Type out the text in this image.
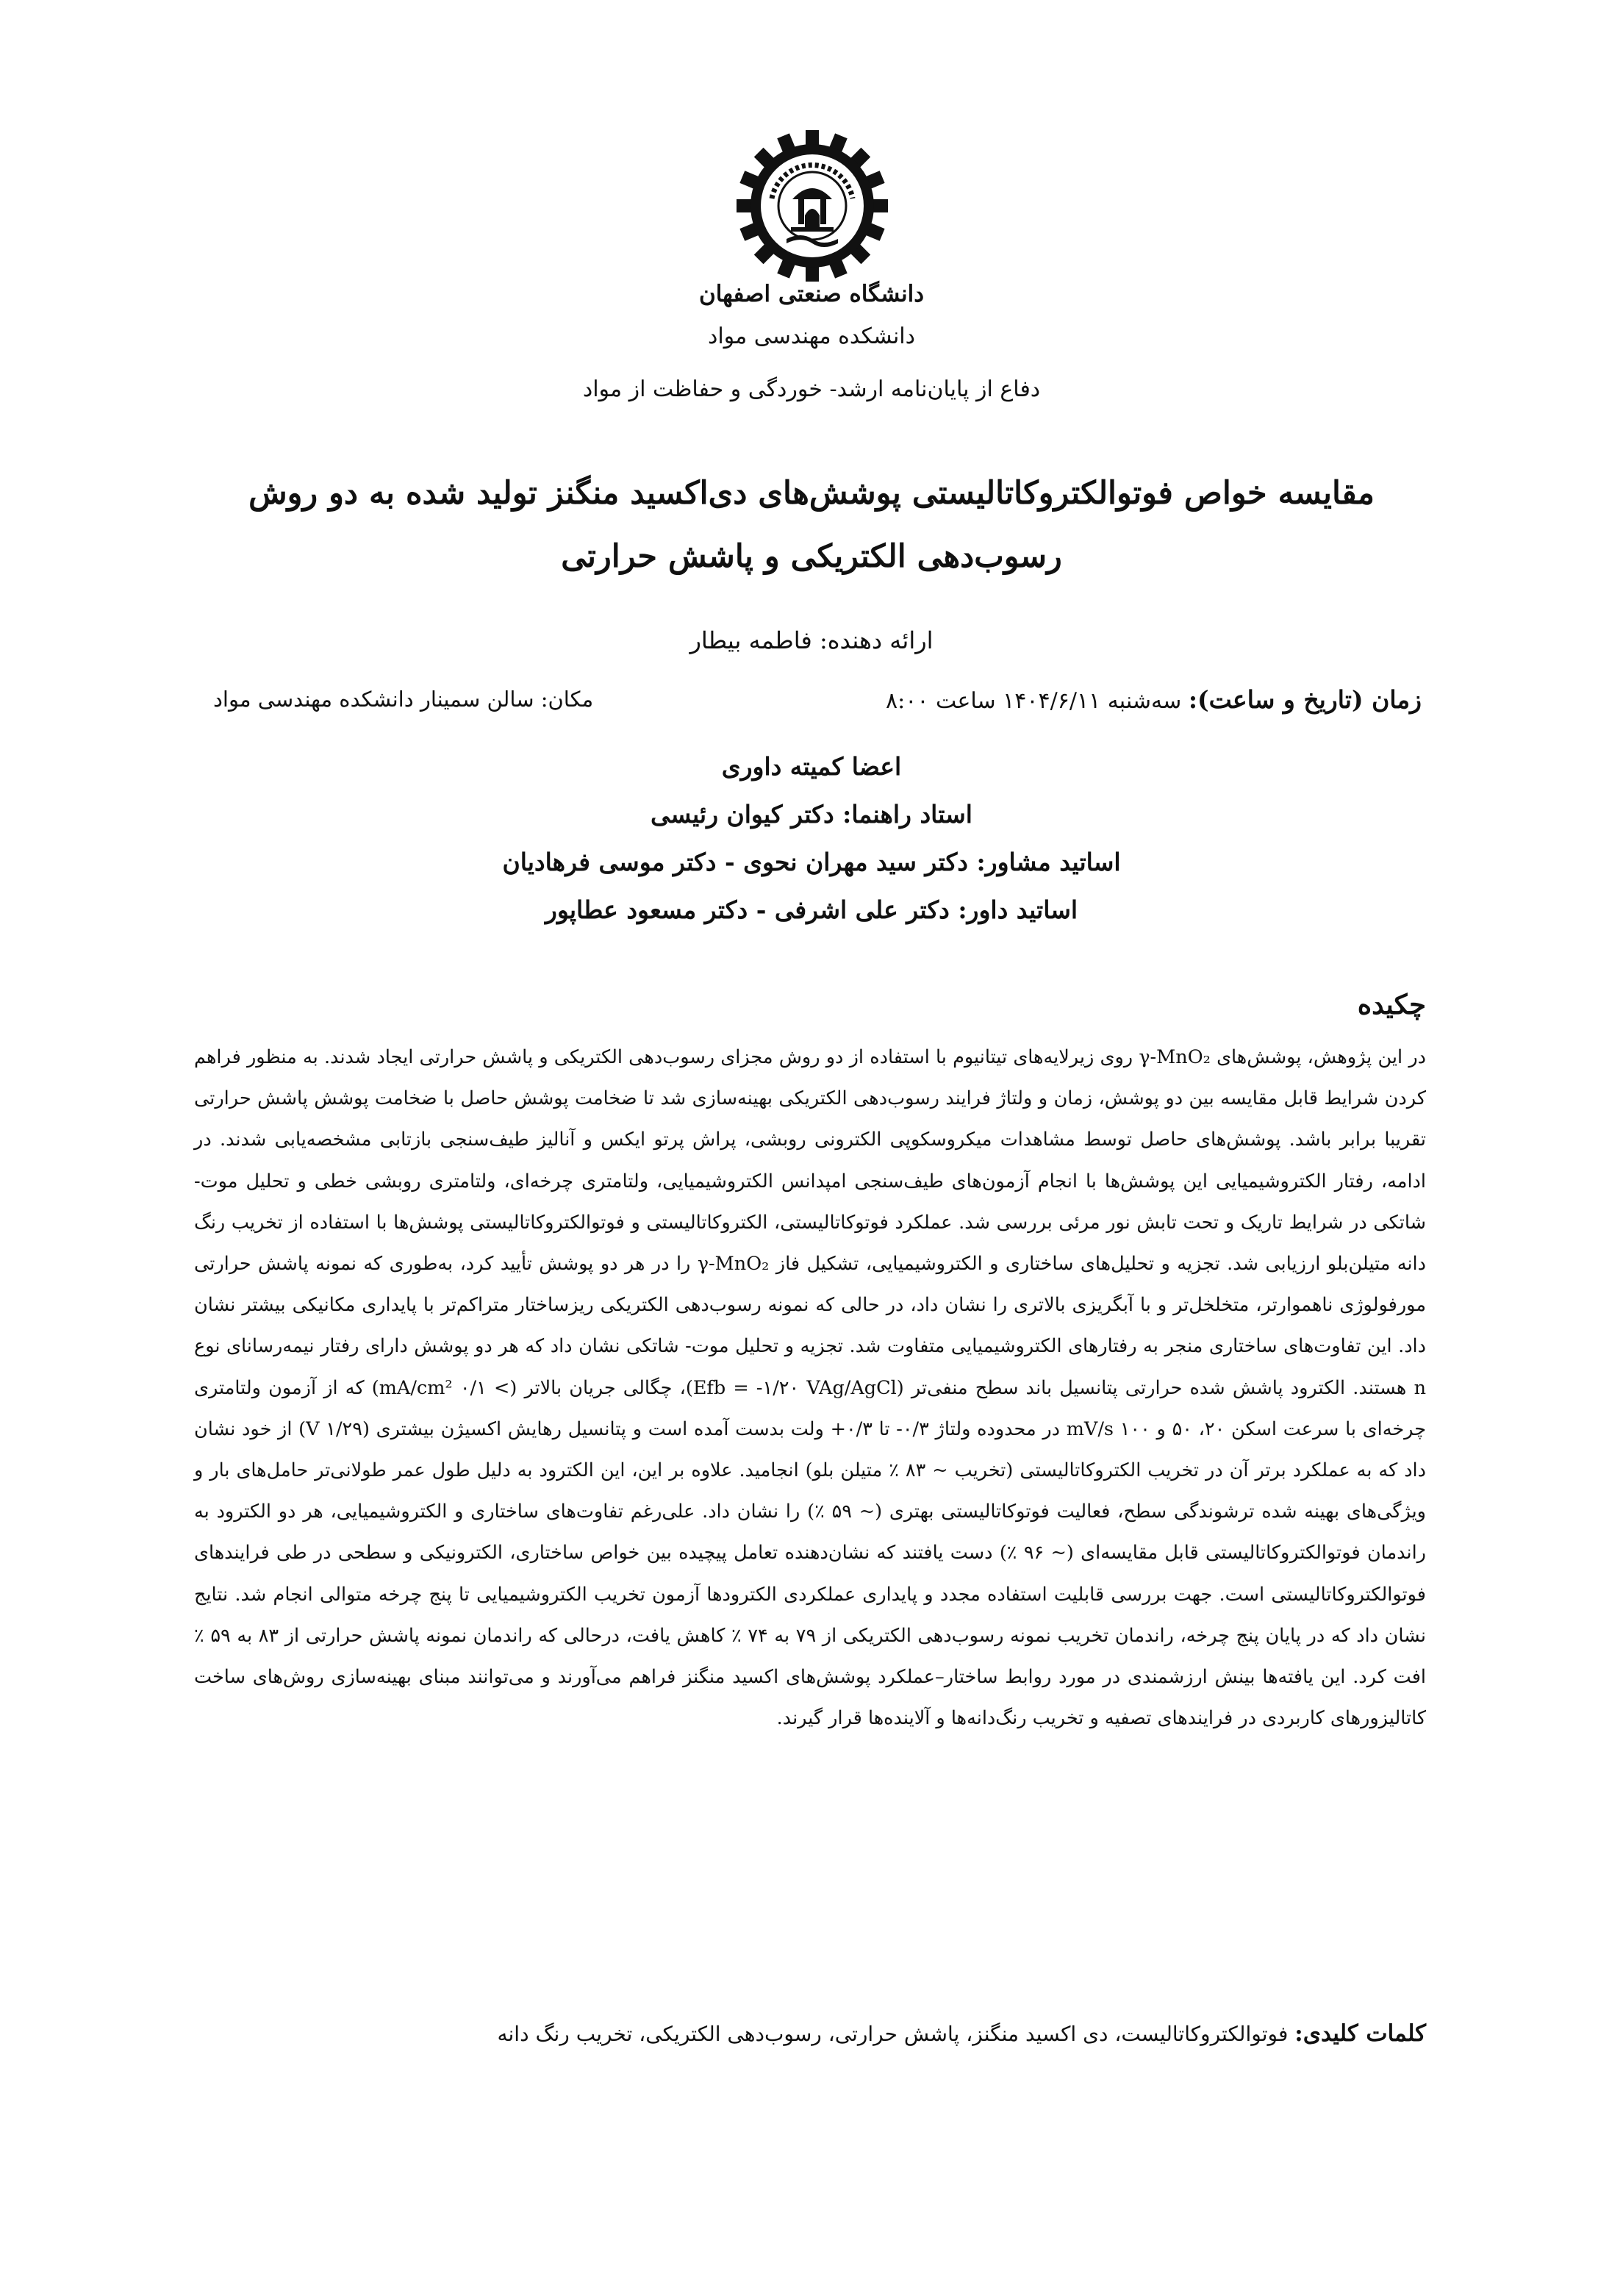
دانشگاه صنعتی اصفهان
دانشکده مهندسی مواد
دفاع از پایان‌نامه ارشد- خوردگی و حفاظت از مواد
مقایسه خواص فوتوالکتروکاتالیستی پوشش‌های دی‌اکسید منگنز تولید شده به دو روش
رسوب‌دهی الکتریکی و پاشش حرارتی
ارائه دهنده: فاطمه بیطار
زمان (تاریخ و ساعت): سه‌شنبه ۱۴۰۴/۶/۱۱ ساعت ۸:۰۰
مکان: سالن سمینار دانشکده مهندسی مواد
اعضا کمیته داوری
استاد راهنما: دکتر کیوان رئیسی
اساتید مشاور: دکتر سید مهران نحوی - دکتر موسی فرهادیان
اساتید داور: دکتر علی اشرفی - دکتر مسعود عطاپور
چکیده

در این پژوهش، پوشش‌های γ-MnO₂ روی زیرلایه‌های تیتانیوم با استفاده از دو روش مجزای رسوب‌دهی الکتریکی و پاشش حرارتی ایجاد شدند. به منظور فراهم کردن شرایط قابل مقایسه بین دو پوشش، زمان و ولتاژ فرایند رسوب‌دهی الکتریکی بهینه‌سازی شد تا ضخامت پوشش حاصل با ضخامت پوشش پاشش حرارتی تقریبا برابر باشد. پوشش‌های حاصل توسط مشاهدات میکروسکوپی الکترونی روبشی، پراش پرتو ایکس و آنالیز طیف‌سنجی بازتابی مشخصه‌یابی شدند. در ادامه، رفتار الکتروشیمیایی این پوشش‌ها با انجام آزمون‌های طیف‌سنجی امپدانس الکتروشیمیایی، ولتامتری چرخه‌ای، ولتامتری روبشی خطی و تحلیل موت- شاتکی در شرایط تاریک و تحت تابش نور مرئی بررسی شد. عملکرد فوتوکاتالیستی، الکتروکاتالیستی و فوتوالکتروکاتالیستی پوشش‌ها با استفاده از تخریب رنگ دانه متیلن‌بلو ارزیابی شد. تجزیه و تحلیل‌های ساختاری و الکتروشیمیایی، تشکیل فاز γ-MnO₂ را در هر دو پوشش تأیید کرد، به‌طوری که نمونه پاشش حرارتی مورفولوژی ناهموارتر، متخلخل‌تر و با آبگریزی بالاتری را نشان داد، در حالی که نمونه رسوب‌دهی الکتریکی ریزساختار متراکم‌تر با پایداری مکانیکی بیشتر نشان داد. این تفاوت‌های ساختاری منجر به رفتارهای الکتروشیمیایی متفاوت شد. تجزیه و تحلیل موت- شاتکی نشان داد که هر دو پوشش دارای رفتار نیمه‌رسانای نوع n هستند. الکترود پاشش شده حرارتی پتانسیل باند سطح منفی‌تر (Efb = -۱/۲۰ VAg/AgCl)، چگالی جریان بالاتر (> ۰/۱ mA/cm²) که از آزمون ولتامتری چرخه‌ای با سرعت اسکن ۲۰، ۵۰ و ۱۰۰ mV/s در محدوده ولتاژ ۰/۳- تا ۰/۳+ ولت بدست آمده است و پتانسیل رهایش اکسیژن بیشتری (۱/۲۹ V) از خود نشان داد که به عملکرد برتر آن در تخریب الکتروکاتالیستی (تخریب ~ ۸۳ ٪ متیلن بلو) انجامید. علاوه بر این، این الکترود به دلیل طول عمر طولانی‌تر حامل‌های بار و ویژگی‌های بهینه شده ترشوندگی سطح، فعالیت فوتوکاتالیستی بهتری (~ ۵۹ ٪) را نشان داد. علی‌رغم تفاوت‌های ساختاری و الکتروشیمیایی، هر دو الکترود به راندمان فوتوالکتروکاتالیستی قابل مقایسه‌ای (~ ۹۶ ٪) دست یافتند که نشان‌دهنده تعامل پیچیده بین خواص ساختاری، الکترونیکی و سطحی در طی فرایندهای فوتوالکتروکاتالیستی است. جهت بررسی قابلیت استفاده مجدد و پایداری عملکردی الکترودها آزمون تخریب الکتروشیمیایی تا پنج چرخه متوالی انجام شد. نتایج نشان داد که در پایان پنج چرخه، راندمان تخریب نمونه رسوب‌دهی الکتریکی از ۷۹ به ۷۴ ٪ کاهش یافت، درحالی که راندمان نمونه پاشش حرارتی از ۸۳ به ۵۹ ٪ افت کرد. این یافته‌ها بینش ارزشمندی در مورد روابط ساختار–عملکرد پوشش‌های اکسید منگنز فراهم می‌آورند و می‌توانند مبنای بهینه‌سازی روش‌های ساخت کاتالیزورهای کاربردی در فرایندهای تصفیه و تخریب رنگ‌دانه‌ها و آلاینده‌ها قرار گیرند.

کلمات کلیدی: فوتوالکتروکاتالیست، دی اکسید منگنز، پاشش حرارتی، رسوب‌دهی الکتریکی، تخریب رنگ دانه
